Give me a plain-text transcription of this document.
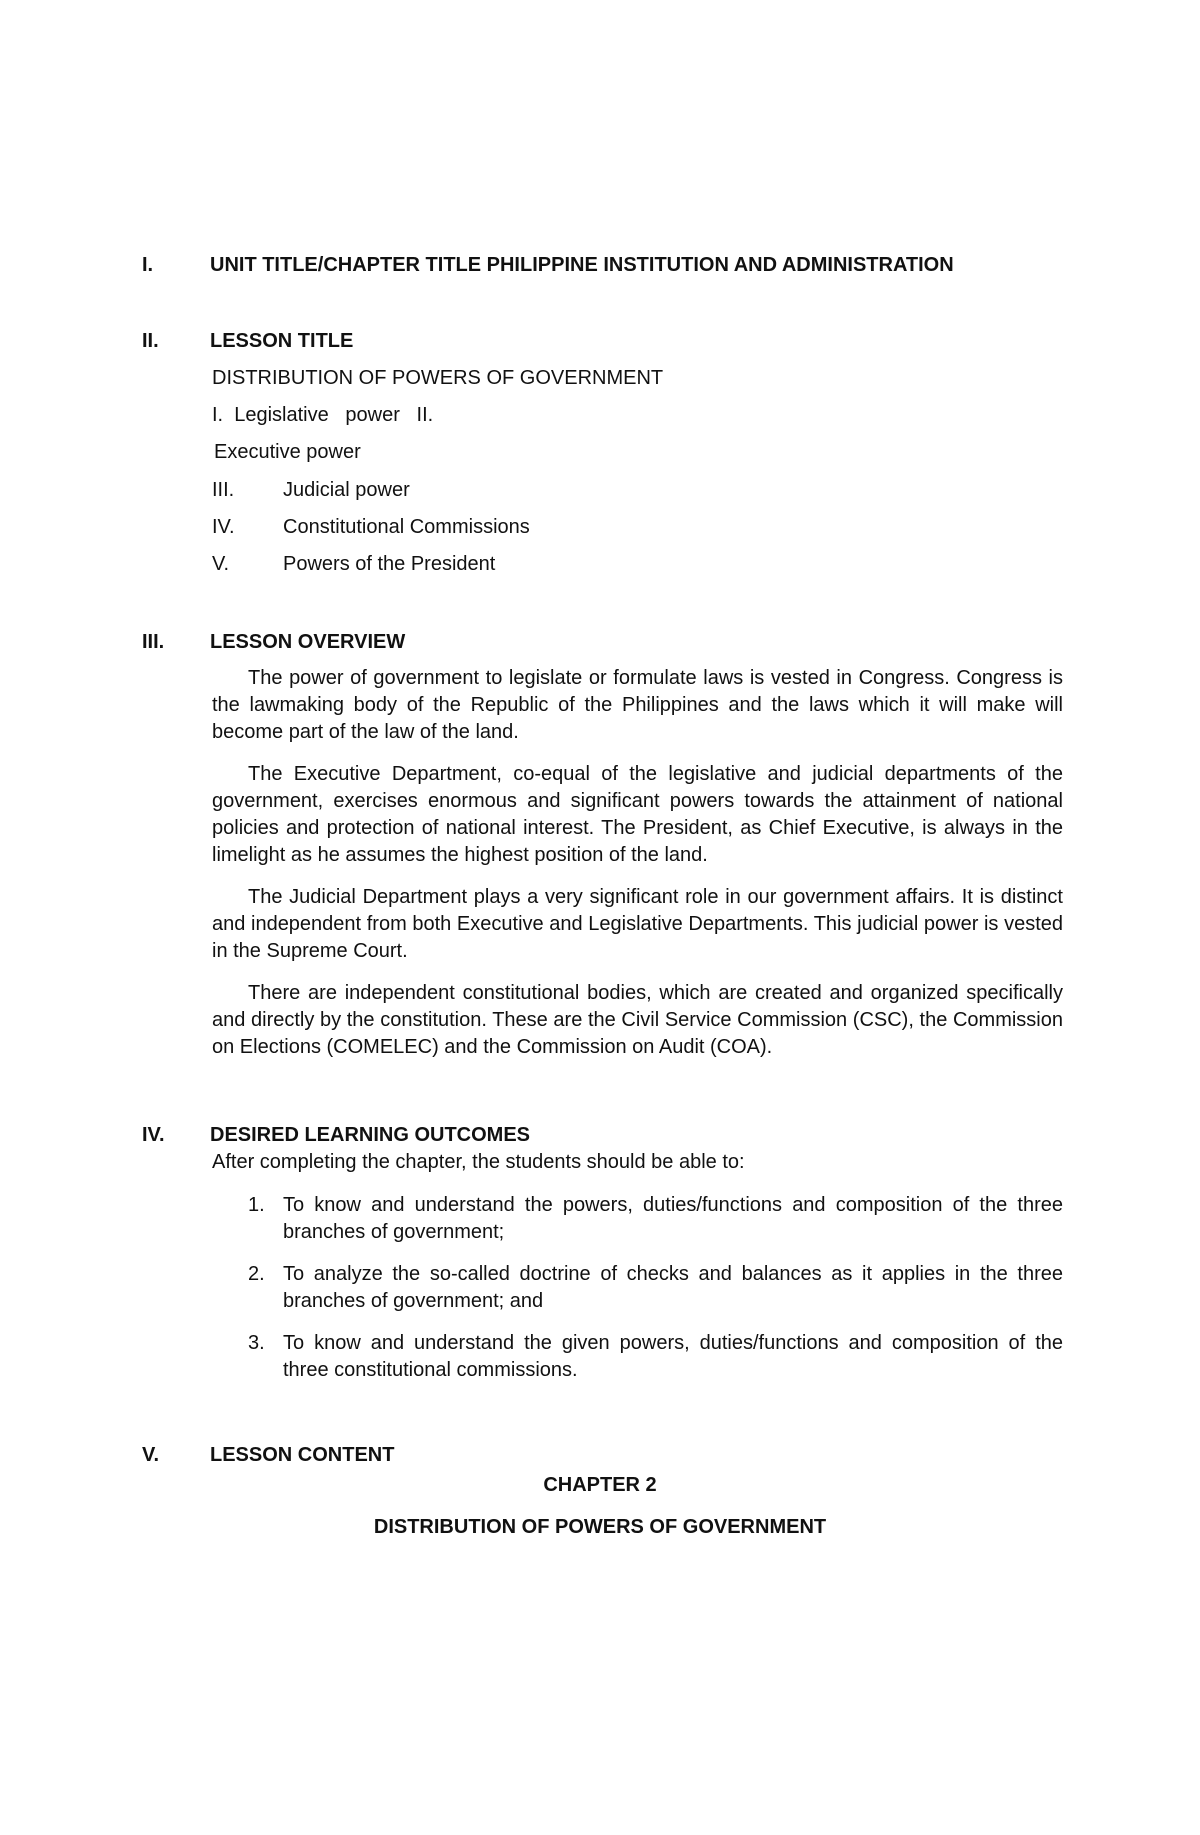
I.	UNIT TITLE/CHAPTER TITLE PHILIPPINE INSTITUTION AND ADMINISTRATION
II.	LESSON TITLE
DISTRIBUTION OF POWERS OF GOVERNMENT
I.  Legislative   power   II.
Executive power
III. Judicial power
IV. Constitutional Commissions
V.	Powers of the President
III. LESSON OVERVIEW

The power of government to legislate or formulate laws is vested in Congress. Congress is the lawmaking body of the Republic of the Philippines and the laws which it will make will become part of the law of the land.

The Executive Department, co-equal of the legislative and judicial departments of the government, exercises enormous and significant powers towards the attainment of national policies and protection of national interest. The President, as Chief Executive, is always in the limelight as he assumes the highest position of the land.

The Judicial Department plays a very significant role in our government affairs. It is distinct and independent from both Executive and Legislative Departments. This judicial power is vested in the Supreme Court.

There are independent constitutional bodies, which are created and organized specifically and directly by the constitution. These are the Civil Service Commission (CSC), the Commission on Elections (COMELEC) and the Commission on Audit (COA).

IV. DESIRED LEARNING OUTCOMES
After completing the chapter, the students should be able to:
1. To know and understand the powers, duties/functions and composition of the three branches of government;
2. To analyze the so-called doctrine of checks and balances as it applies in the three branches of government; and
3. To know and understand the given powers, duties/functions and composition of the three constitutional commissions.
V.	LESSON CONTENT
CHAPTER 2
DISTRIBUTION OF POWERS OF GOVERNMENT
